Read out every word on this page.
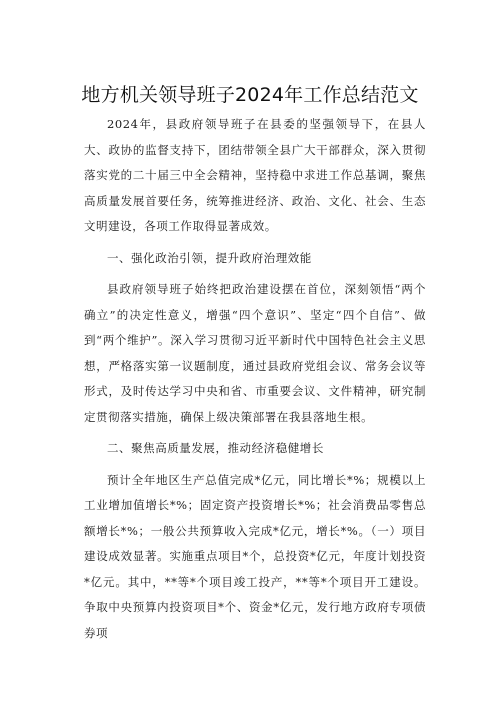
地方机关领导班子2024年工作总结范文

2024年，县政府领导班子在县委的坚强领导下，在县人大、政协的监督支持下，团结带领全县广大干部群众，深入贯彻落实党的二十届三中全会精神，坚持稳中求进工作总基调，聚焦高质量发展首要任务，统筹推进经济、政治、文化、社会、生态文明建设，各项工作取得显著成效。

一、强化政治引领，提升政府治理效能

县政府领导班子始终把政治建设摆在首位，深刻领悟“两个确立”的决定性意义，增强“四个意识”、坚定“四个自信”、做到“两个维护”。深入学习贯彻习近平新时代中国特色社会主义思想，严格落实第一议题制度，通过县政府党组会议、常务会议等形式，及时传达学习中央和省、市重要会议、文件精神，研究制定贯彻落实措施，确保上级决策部署在我县落地生根。

二、聚焦高质量发展，推动经济稳健增长

预计全年地区生产总值完成*亿元，同比增长*%；规模以上工业增加值增长*%；固定资产投资增长*%；社会消费品零售总额增长*%；一般公共预算收入完成*亿元，增长*%。（一）项目建设成效显著。实施重点项目*个，总投资*亿元，年度计划投资*亿元。其中，**等*个项目竣工投产，**等*个项目开工建设。争取中央预算内投资项目*个、资金*亿元，发行地方政府专项债券项
